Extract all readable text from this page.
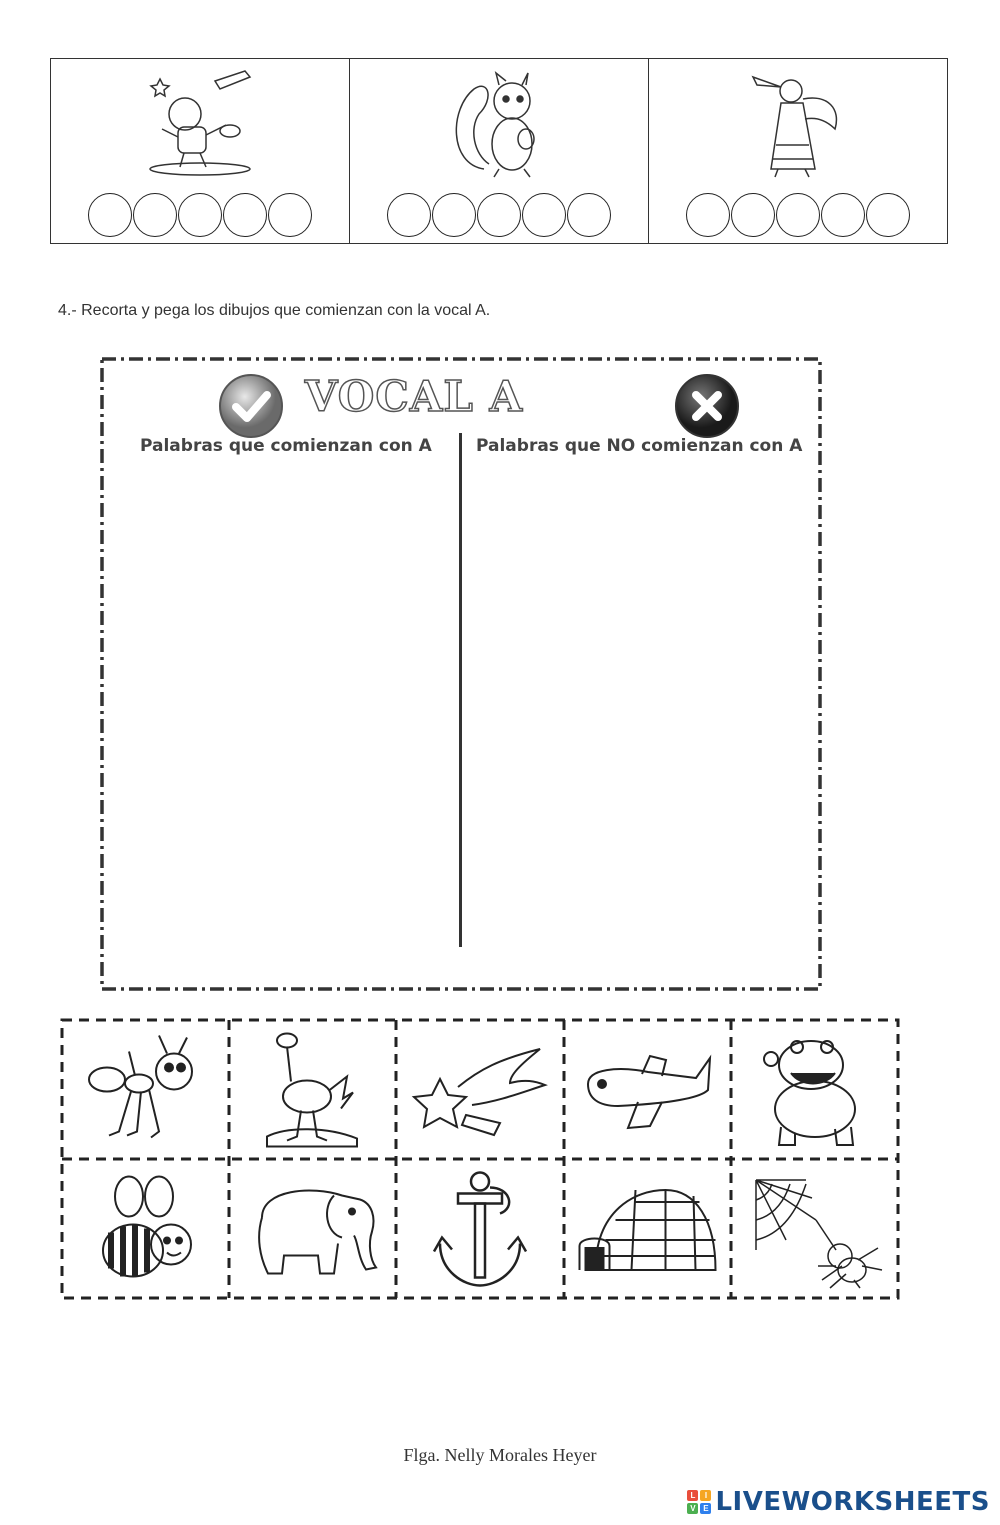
4.- Recorta y pega los dibujos que comienzan con la vocal A.
VOCAL A
Palabras que comienzan con A	Palabras que NO comienzan con A
Flga. Nelly Morales Heyer
L	I
V E LIVEWORKSHEETS
